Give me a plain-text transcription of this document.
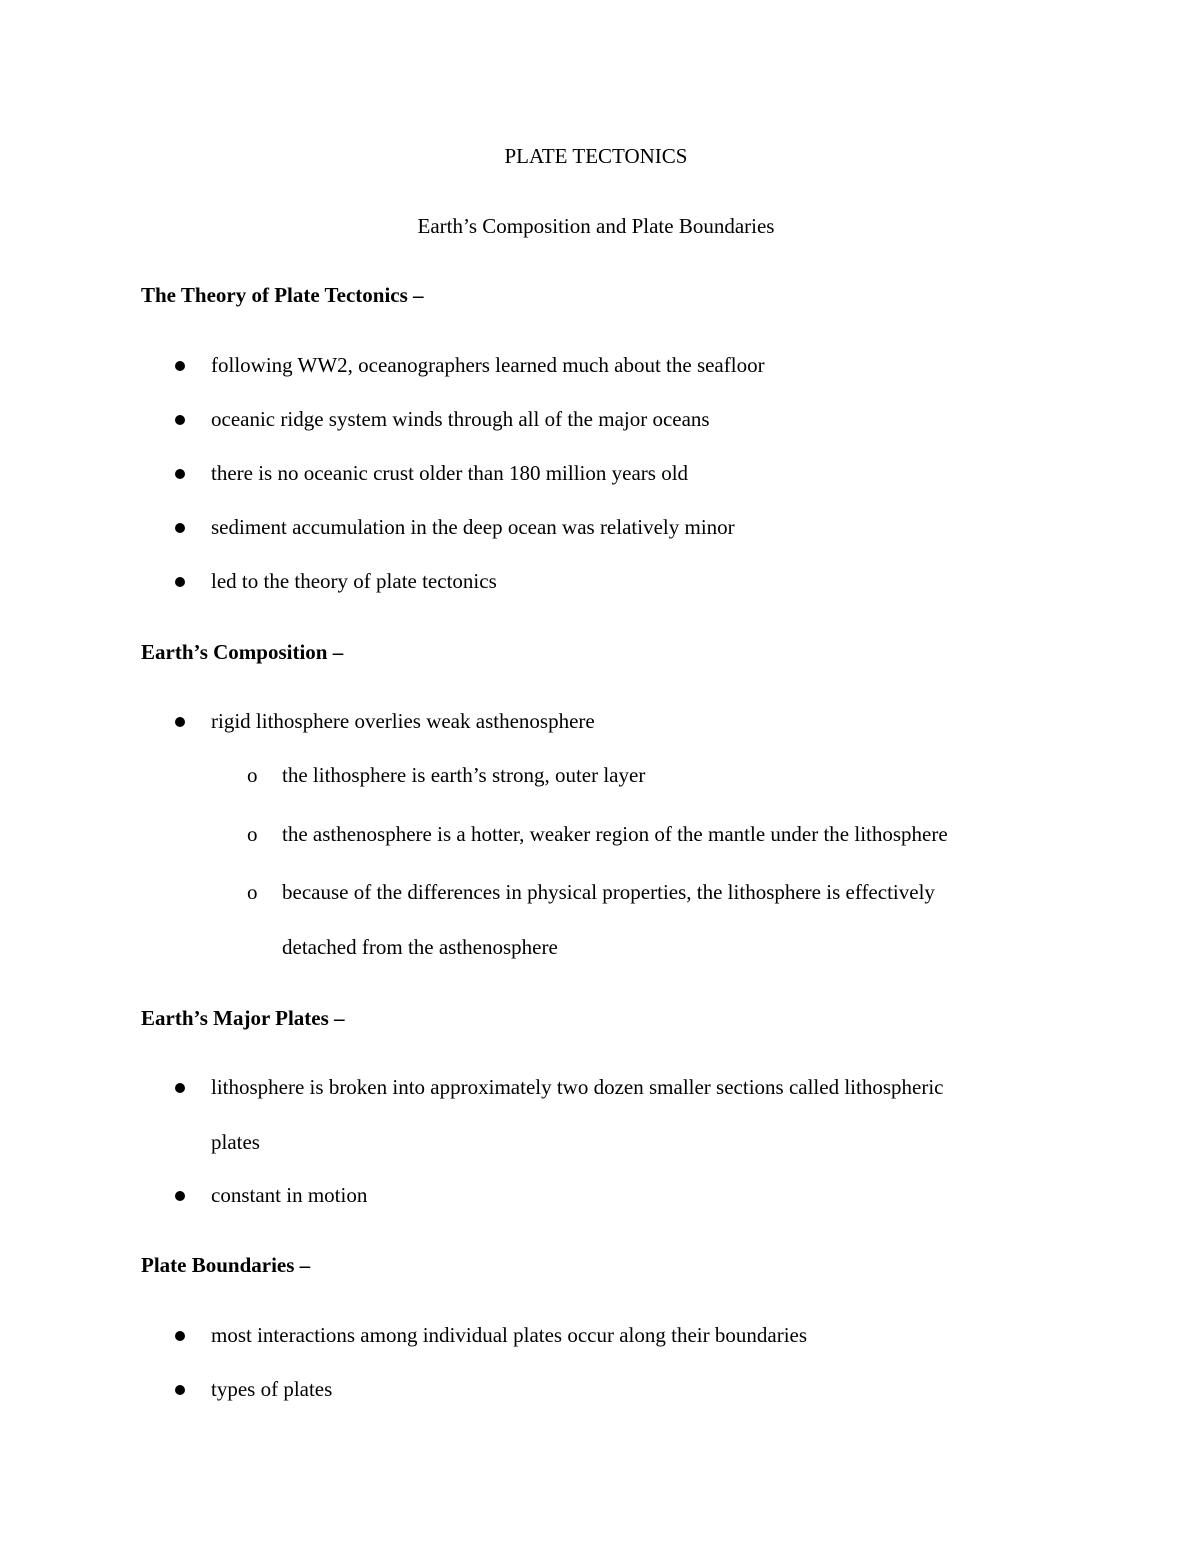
PLATE TECTONICS
Earth’s Composition and Plate Boundaries
The Theory of Plate Tectonics –
following WW2, oceanographers learned much about the seafloor
oceanic ridge system winds through all of the major oceans
there is no oceanic crust older than 180 million years old
sediment accumulation in the deep ocean was relatively minor
led to the theory of plate tectonics
Earth’s Composition –
rigid lithosphere overlies weak asthenosphere
o the lithosphere is earth’s strong, outer layer
o the asthenosphere is a hotter, weaker region of the mantle under the lithosphere
o because of the differences in physical properties, the lithosphere is effectively
detached from the asthenosphere
Earth’s Major Plates –
lithosphere is broken into approximately two dozen smaller sections called lithospheric
plates
constant in motion
Plate Boundaries –
most interactions among individual plates occur along their boundaries
types of plates
